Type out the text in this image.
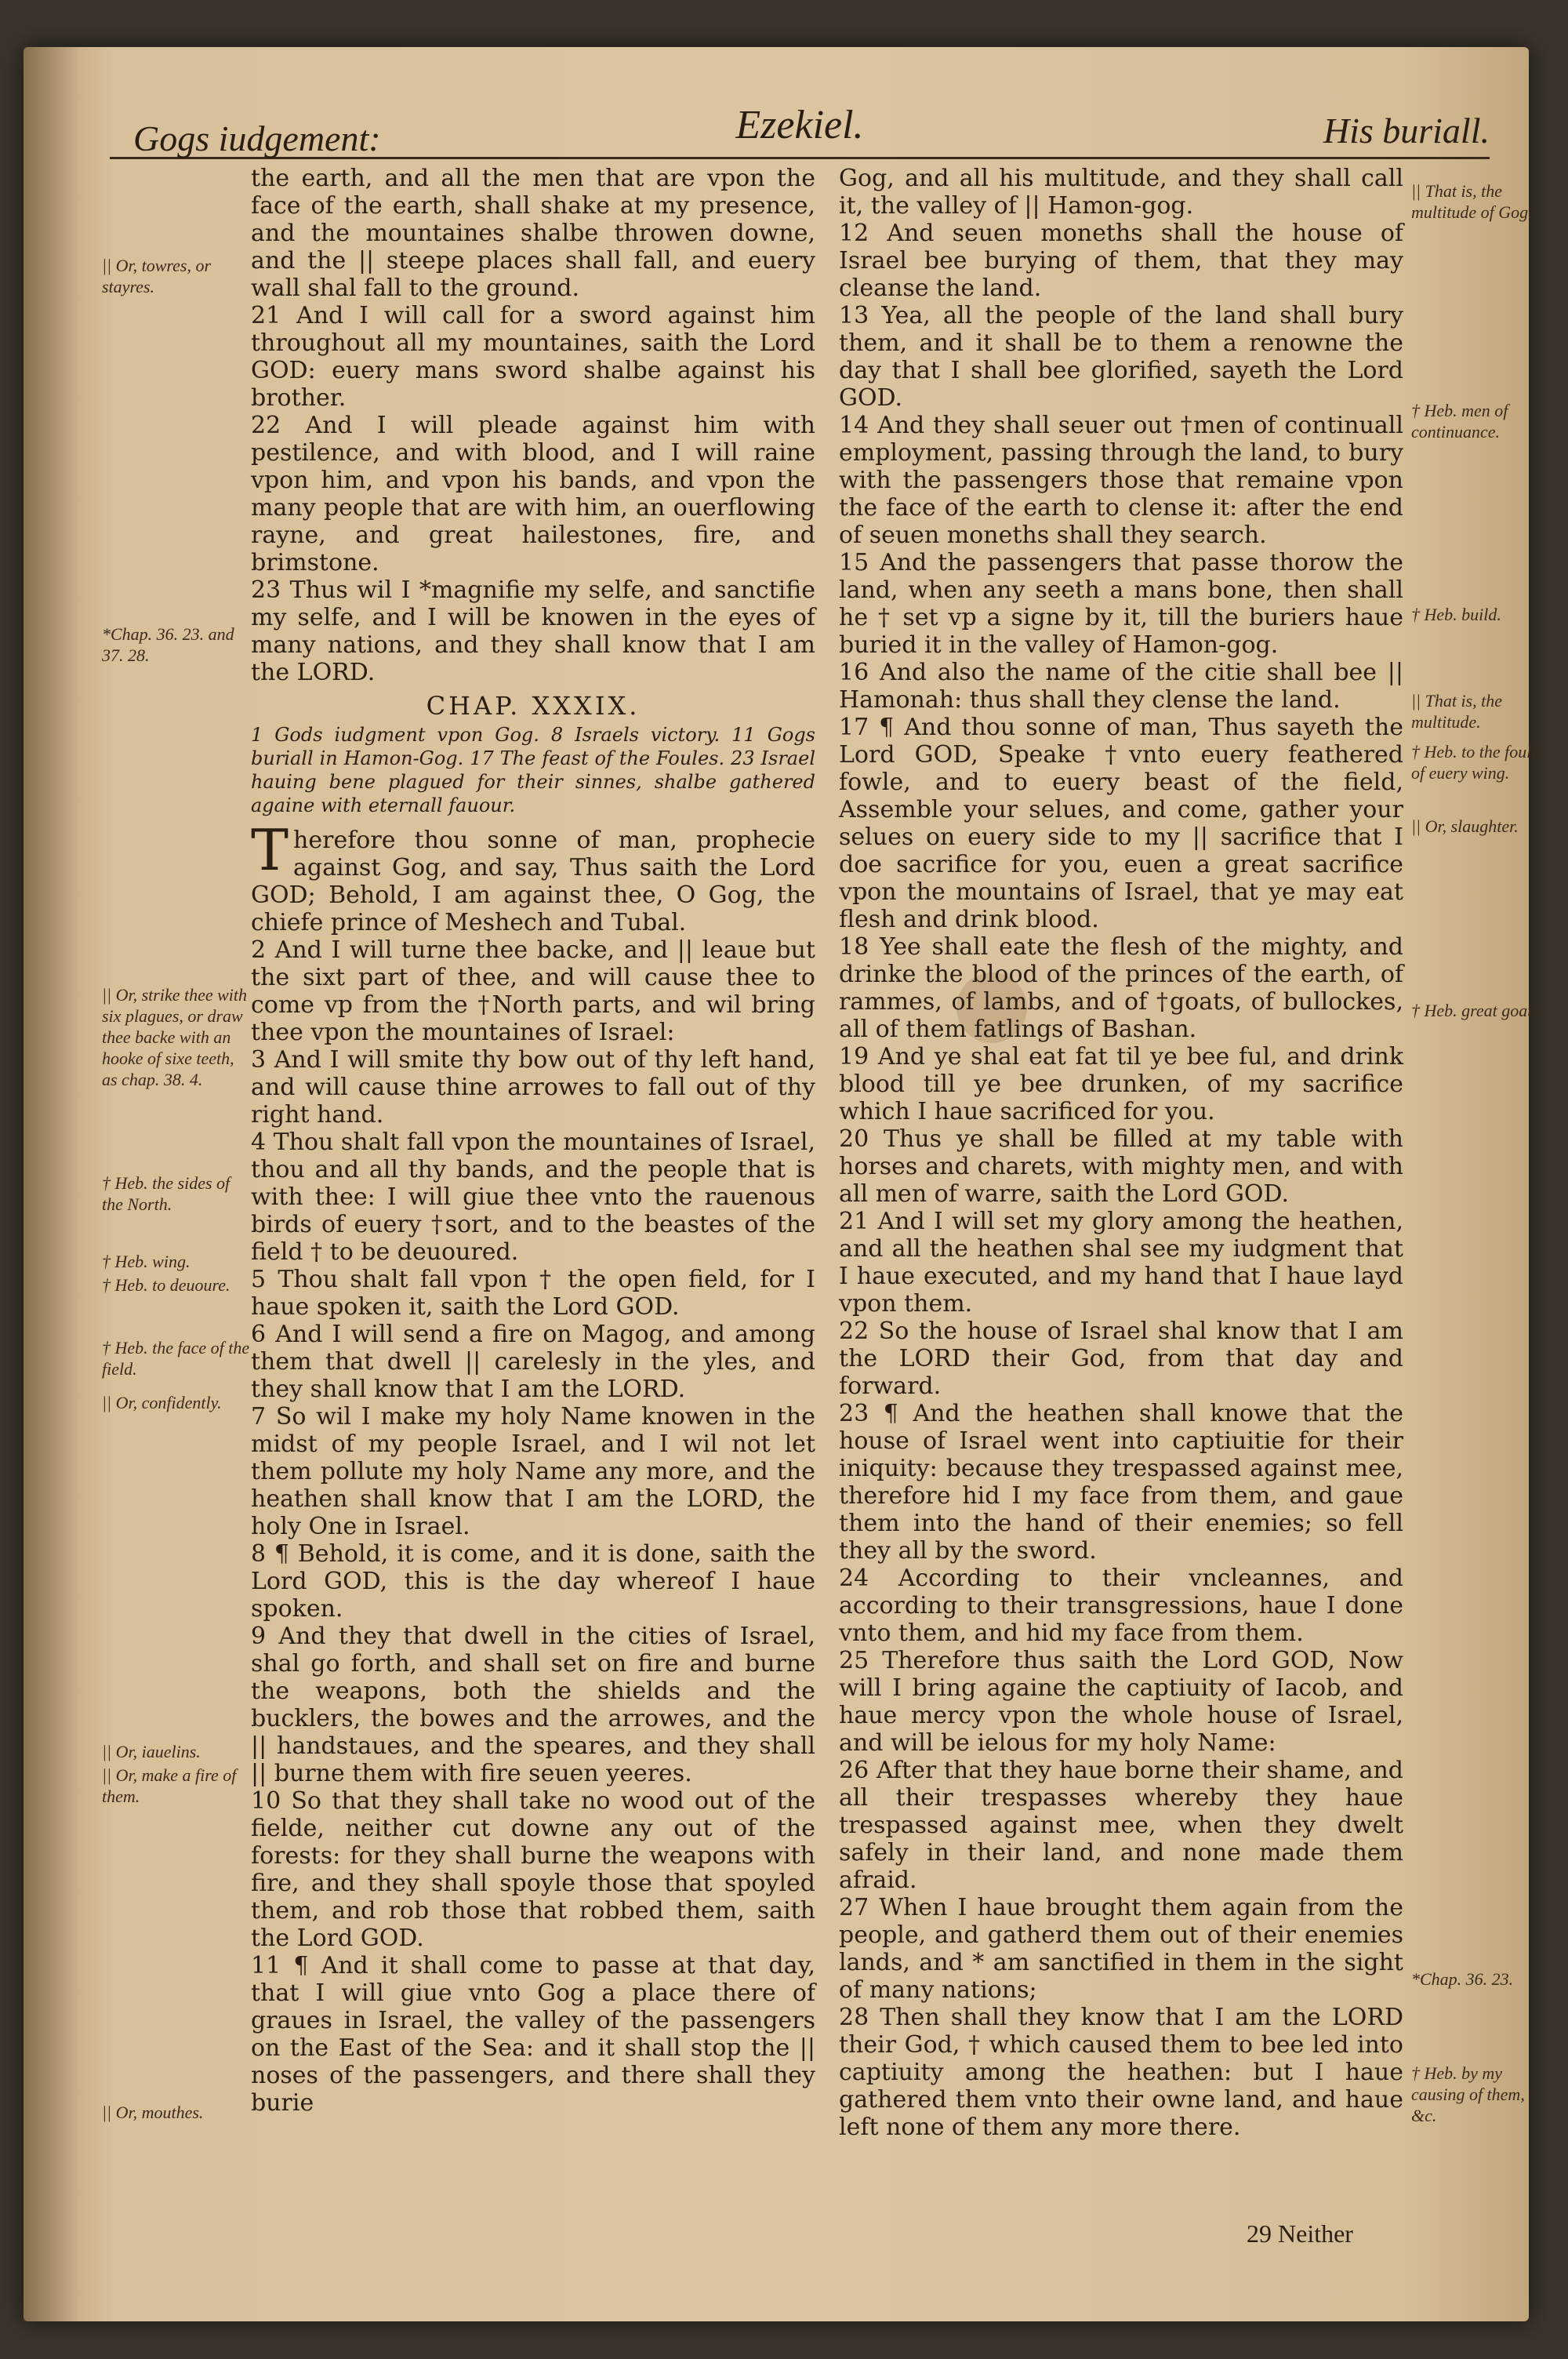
Gogs iudgement:	Ezekiel.	His buriall.
|| Or, towres, or stayres.
*Chap. 36. 23. and 37. 28.
|| Or, strike thee with six plagues, or draw thee backe with an hooke of sixe teeth, as chap. 38. 4.
† Heb. the sides of the North.
† Heb. wing.
† Heb. to deuoure.
† Heb. the face of the field.
|| Or, confidently.
|| Or, iauelins.
|| Or, make a fire of them.
|| Or, mouthes.

the earth, and all the men that are vpon the face of the earth, shall shake at my presence, and the mountaines shalbe throwen downe, and the || steepe places shall fall, and euery wall shal fall to the ground.

21 And I will call for a sword against him throughout all my mountaines, saith the Lord GOD: euery mans sword shalbe against his brother.

22 And I will pleade against him with pestilence, and with blood, and I will raine vpon him, and vpon his bands, and vpon the many people that are with him, an ouerflowing rayne, and great hailestones, fire, and brimstone.

23 Thus wil I *magnifie my selfe, and sanctifie my selfe, and I will be knowen in the eyes of many nations, and they shall know that I am the LORD.

CHAP. XXXIX.

1 Gods iudgment vpon Gog. 8 Israels victory. 11 Gogs buriall in Hamon-Gog. 17 The feast of the Foules. 23 Israel hauing bene plagued for their sinnes, shalbe gathered againe with eternall fauour.

Therefore thou sonne of man, prophecie against Gog, and say, Thus saith the Lord GOD; Behold, I am against thee, O Gog, the chiefe prince of Meshech and Tubal.

2 And I will turne thee backe, and || leaue but the sixt part of thee, and will cause thee to come vp from the †North parts, and wil bring thee vpon the mountaines of Israel:

3 And I will smite thy bow out of thy left hand, and will cause thine arrowes to fall out of thy right hand.

4 Thou shalt fall vpon the mountaines of Israel, thou and all thy bands, and the people that is with thee: I will giue thee vnto the rauenous birds of euery †sort, and to the beastes of the field † to be deuoured.

5 Thou shalt fall vpon † the open field, for I haue spoken it, saith the Lord GOD.

6 And I will send a fire on Magog, and among them that dwell || carelesly in the yles, and they shall know that I am the LORD.

7 So wil I make my holy Name knowen in the midst of my people Israel, and I wil not let them pollute my holy Name any more, and the heathen shall know that I am the LORD, the holy One in Israel.

8 ¶ Behold, it is come, and it is done, saith the Lord GOD, this is the day whereof I haue spoken.

9 And they that dwell in the cities of Israel, shal go forth, and shall set on fire and burne the weapons, both the shields and the bucklers, the bowes and the arrowes, and the || handstaues, and the speares, and they shall || burne them with fire seuen yeeres.

10 So that they shall take no wood out of the fielde, neither cut downe any out of the forests: for they shall burne the weapons with fire, and they shall spoyle those that spoyled them, and rob those that robbed them, saith the Lord GOD.

11 ¶ And it shall come to passe at that day, that I will giue vnto Gog a place there of graues in Israel, the valley of the passengers on the East of the Sea: and it shall stop the || noses of the passengers, and there shall they burie

Gog, and all his multitude, and they shall call it, the valley of || Hamon-gog.

12 And seuen moneths shall the house of Israel bee burying of them, that they may cleanse the land.

13 Yea, all the people of the land shall bury them, and it shall be to them a renowne the day that I shall bee glorified, sayeth the Lord GOD.

14 And they shall seuer out †men of continuall employment, passing through the land, to bury with the passengers those that remaine vpon the face of the earth to clense it: after the end of seuen moneths shall they search.

15 And the passengers that passe thorow the land, when any seeth a mans bone, then shall he † set vp a signe by it, till the buriers haue buried it in the valley of Hamon-gog.

16 And also the name of the citie shall bee || Hamonah: thus shall they clense the land.

17 ¶ And thou sonne of man, Thus sayeth the Lord GOD, Speake †vnto euery feathered fowle, and to euery beast of the field, Assemble your selues, and come, gather your selues on euery side to my || sacrifice that I doe sacrifice for you, euen a great sacrifice vpon the mountains of Israel, that ye may eat flesh and drink blood.

18 Yee shall eate the flesh of the mighty, and drinke the blood of the princes of the earth, of rammes, of lambs, and of †goats, of bullockes, all of them fatlings of Bashan.

19 And ye shal eat fat til ye bee ful, and drink blood till ye bee drunken, of my sacrifice which I haue sacrificed for you.

20 Thus ye shall be filled at my table with horses and charets, with mighty men, and with all men of warre, saith the Lord GOD.

21 And I will set my glory among the heathen, and all the heathen shal see my iudgment that I haue executed, and my hand that I haue layd vpon them.

22 So the house of Israel shal know that I am the LORD their God, from that day and forward.

23 ¶ And the heathen shall knowe that the house of Israel went into captiuitie for their iniquity: because they trespassed against mee, therefore hid I my face from them, and gaue them into the hand of their enemies; so fell they all by the sword.

24 According to their vncleannes, and according to their transgressions, haue I done vnto them, and hid my face from them.

25 Therefore thus saith the Lord GOD, Now will I bring againe the captiuity of Iacob, and haue mercy vpon the whole house of Israel, and will be ielous for my holy Name:

26 After that they haue borne their shame, and all their trespasses whereby they haue trespassed against mee, when they dwelt safely in their land, and none made them afraid.

27 When I haue brought them again from the people, and gatherd them out of their enemies lands, and * am sanctified in them in the sight of many nations;

28 Then shall they know that I am the LORD their God, † which caused them to bee led into captiuity among the heathen: but I haue gathered them vnto their owne land, and haue left none of them any more there.

|| That is, the multitude of Gog.
† Heb. men of continuance.
† Heb. build.
|| That is, the multitude.
† Heb. to the foule of euery wing.
|| Or, slaughter.
† Heb. great goats.
*Chap. 36. 23.
† Heb. by my causing of them, &c.
29 Neither
